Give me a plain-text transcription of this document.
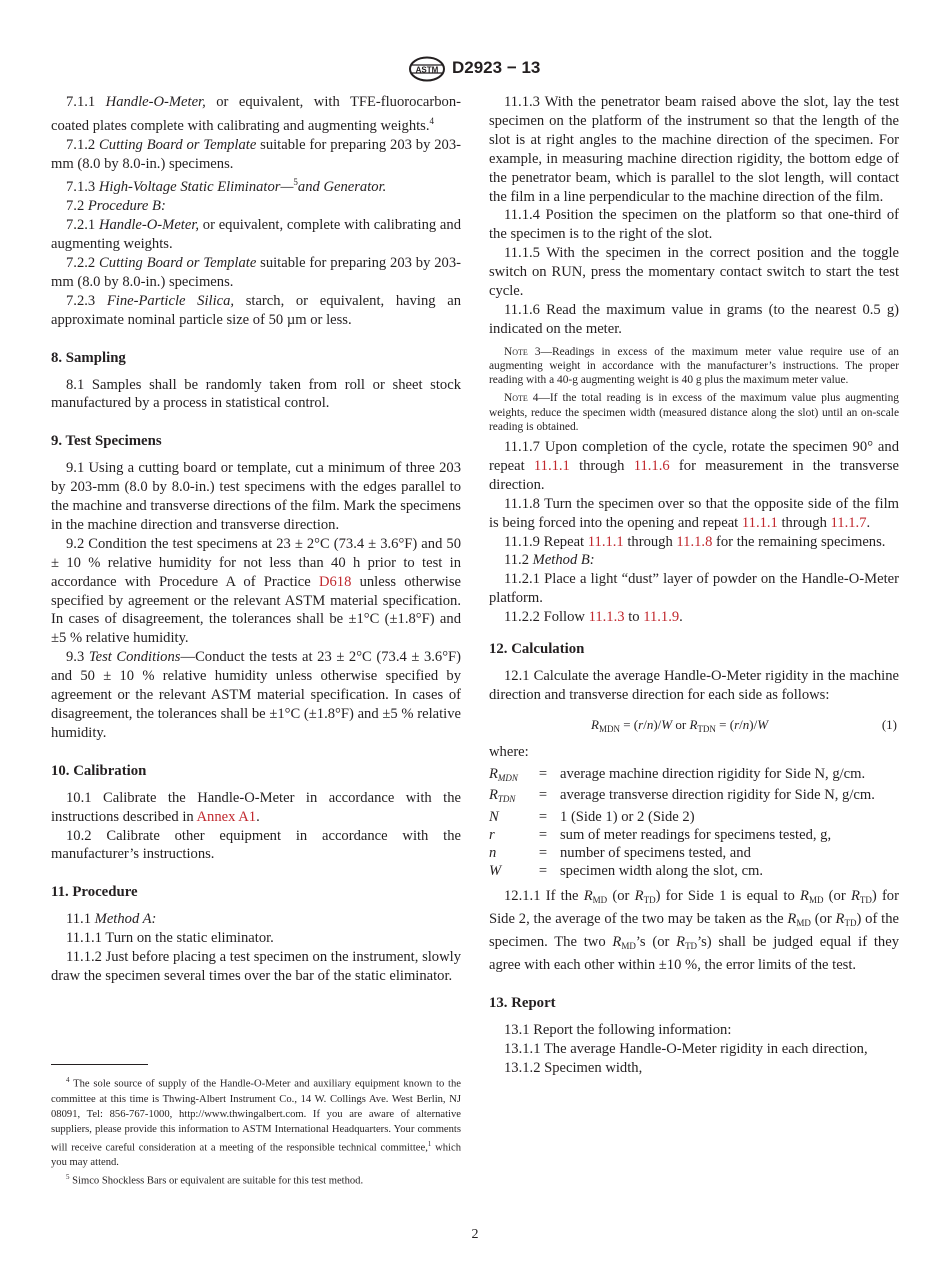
ASTM D2923 − 13

7.1.1 Handle-O-Meter, or equivalent, with TFE-fluorocarbon-coated plates complete with calibrating and augmenting weights.$^4$

7.1.2 Cutting Board or Template suitable for preparing 203 by 203-mm (8.0 by 8.0-in.) specimens.

7.1.3 High-Voltage Static Eliminator—$^5$and Generator.

7.2 Procedure B:

7.2.1 Handle-O-Meter, or equivalent, complete with calibrating and augmenting weights.

7.2.2 Cutting Board or Template suitable for preparing 203 by 203-mm (8.0 by 8.0-in.) specimens.

7.2.3 Fine-Particle Silica, starch, or equivalent, having an approximate nominal particle size of 50 µm or less.

8. Sampling

8.1 Samples shall be randomly taken from roll or sheet stock manufactured by a process in statistical control.

9. Test Specimens

9.1 Using a cutting board or template, cut a minimum of three 203 by 203-mm (8.0 by 8.0-in.) test specimens with the edges parallel to the machine and transverse directions of the film. Mark the specimens in the machine direction and transverse direction.

9.2 Condition the test specimens at 23 ± 2°C (73.4 ± 3.6°F) and 50 ± 10 % relative humidity for not less than 40 h prior to test in accordance with Procedure A of Practice D618 unless otherwise specified by agreement or the relevant ASTM material specification. In cases of disagreement, the tolerances shall be ±1°C (±1.8°F) and ±5 % relative humidity.

9.3 Test Conditions—Conduct the tests at 23 ± 2°C (73.4 ± 3.6°F) and 50 ± 10 % relative humidity unless otherwise specified by agreement or the relevant ASTM material specification. In cases of disagreement, the tolerances shall be ±1°C (±1.8°F) and ±5 % relative humidity.

10. Calibration

10.1 Calibrate the Handle-O-Meter in accordance with the instructions described in Annex A1.

10.2 Calibrate other equipment in accordance with the manufacturer’s instructions.

11. Procedure

11.1 Method A:

11.1.1 Turn on the static eliminator.

11.1.2 Just before placing a test specimen on the instrument, slowly draw the specimen several times over the bar of the static eliminator.

$^4$ The sole source of supply of the Handle-O-Meter and auxiliary equipment known to the committee at this time is Thwing-Albert Instrument Co., 14 W. Collings Ave. West Berlin, NJ 08091, Tel: 856-767-1000, http://www.thwingalbert.com. If you are aware of alternative suppliers, please provide this information to ASTM International Headquarters. Your comments will receive careful consideration at a meeting of the responsible technical committee,$^1$ which you may attend.

$^5$ Simco Shockless Bars or equivalent are suitable for this test method.

11.1.3 With the penetrator beam raised above the slot, lay the test specimen on the platform of the instrument so that the length of the slot is at right angles to the machine direction of the specimen. For example, in measuring machine direction rigidity, the bottom edge of the penetrator beam, which is parallel to the slot length, will contact the film in a line perpendicular to the machine direction of the film.

11.1.4 Position the specimen on the platform so that one-third of the specimen is to the right of the slot.

11.1.5 With the specimen in the correct position and the toggle switch on RUN, press the momentary contact switch to start the test cycle.

11.1.6 Read the maximum value in grams (to the nearest 0.5 g) indicated on the meter.

Note 3—Readings in excess of the maximum meter value require use of an augmenting weight in accordance with the manufacturer’s instructions. The proper reading with a 40-g augmenting weight is 40 g plus the maximum meter value.

Note 4—If the total reading is in excess of the maximum value plus augmenting weights, reduce the specimen width (measured distance along the slot) until an on-scale reading is obtained.

11.1.7 Upon completion of the cycle, rotate the specimen 90° and repeat 11.1.1 through 11.1.6 for measurement in the transverse direction.

11.1.8 Turn the specimen over so that the opposite side of the film is being forced into the opening and repeat 11.1.1 through 11.1.7.

11.1.9 Repeat 11.1.1 through 11.1.8 for the remaining specimens.

11.2 Method B:

11.2.1 Place a light “dust” layer of powder on the Handle-O-Meter platform.

11.2.2 Follow 11.1.3 to 11.1.9.

12. Calculation

12.1 Calculate the average Handle-O-Meter rigidity in the machine direction and transverse direction for each side as follows:

$R_{MDN} = (r/n)/W$ or $R_{TDN} = (r/n)/W$	(1)

where:

$R_{MDN}$	=	average machine direction rigidity for Side N, g/cm.
$R_{TDN}$	=	average transverse direction rigidity for Side N, g/cm.
N	=	1 (Side 1) or 2 (Side 2)
r	=	sum of meter readings for specimens tested, g,
n	=	number of specimens tested, and
W	=	specimen width along the slot, cm.

12.1.1 If the $R_{MD}$ (or $R_{TD}$) for Side 1 is equal to $R_{MD}$ (or $R_{TD}$) for Side 2, the average of the two may be taken as the $R_{MD}$ (or $R_{TD}$) of the specimen. The two $R_{MD}’s$ (or $R_{TD}’s$) shall be judged equal if they agree with each other within ±10 %, the error limits of the test.

13. Report

13.1 Report the following information:

13.1.1 The average Handle-O-Meter rigidity in each direction,

13.1.2 Specimen width,

2
